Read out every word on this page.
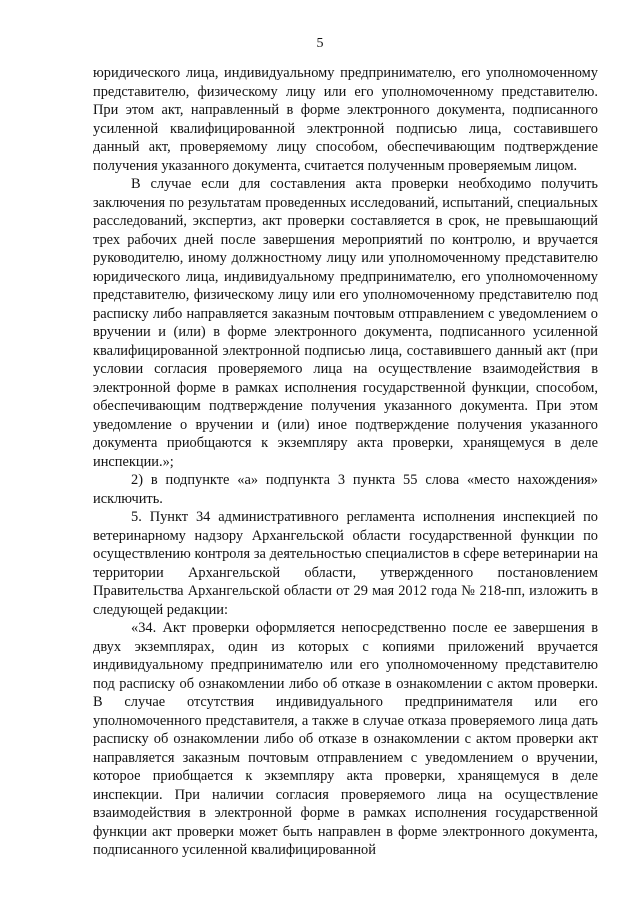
5

юридического лица, индивидуальному предпринимателю, его уполномоченному представителю, физическому лицу или его уполномоченному представителю. При этом акт, направленный в форме электронного документа, подписанного усиленной квалифицированной электронной подписью лица, составившего данный акт, проверяемому лицу способом, обеспечивающим подтверждение получения указанного документа, считается полученным проверяемым лицом.

В случае если для составления акта проверки необходимо получить заключения по результатам проведенных исследований, испытаний, специальных расследований, экспертиз, акт проверки составляется в срок, не превышающий трех рабочих дней после завершения мероприятий по контролю, и вручается руководителю, иному должностному лицу или уполномоченному представителю юридического лица, индивидуальному предпринимателю, его уполномоченному представителю, физическому лицу или его уполномоченному представителю под расписку либо направляется заказным почтовым отправлением с уведомлением о вручении и (или) в форме электронного документа, подписанного усиленной квалифицированной электронной подписью лица, составившего данный акт (при условии согласия проверяемого лица на осуществление взаимодействия в электронной форме в рамках исполнения государственной функции, способом, обеспечивающим подтверждение получения указанного документа. При этом уведомление о вручении и (или) иное подтверждение получения указанного документа приобщаются к экземпляру акта проверки, хранящемуся в деле инспекции.»;

2) в подпункте «а» подпункта 3 пункта 55 слова «место нахождения» исключить.

5. Пункт 34 административного регламента исполнения инспекцией по ветеринарному надзору Архангельской области государственной функции по осуществлению контроля за деятельностью специалистов в сфере ветеринарии на территории Архангельской области, утвержденного постановлением Правительства Архангельской области от 29 мая 2012 года № 218-пп, изложить в следующей редакции:

«34. Акт проверки оформляется непосредственно после ее завершения в двух экземплярах, один из которых с копиями приложений вручается индивидуальному предпринимателю или его уполномоченному представителю под расписку об ознакомлении либо об отказе в ознакомлении с актом проверки. В случае отсутствия индивидуального предпринимателя или его уполномоченного представителя, а также в случае отказа проверяемого лица дать расписку об ознакомлении либо об отказе в ознакомлении с актом проверки акт направляется заказным почтовым отправлением с уведомлением о вручении, которое приобщается к экземпляру акта проверки, хранящемуся в деле инспекции. При наличии согласия проверяемого лица на осуществление взаимодействия в электронной форме в рамках исполнения государственной функции акт проверки может быть направлен в форме электронного документа, подписанного усиленной квалифицированной
